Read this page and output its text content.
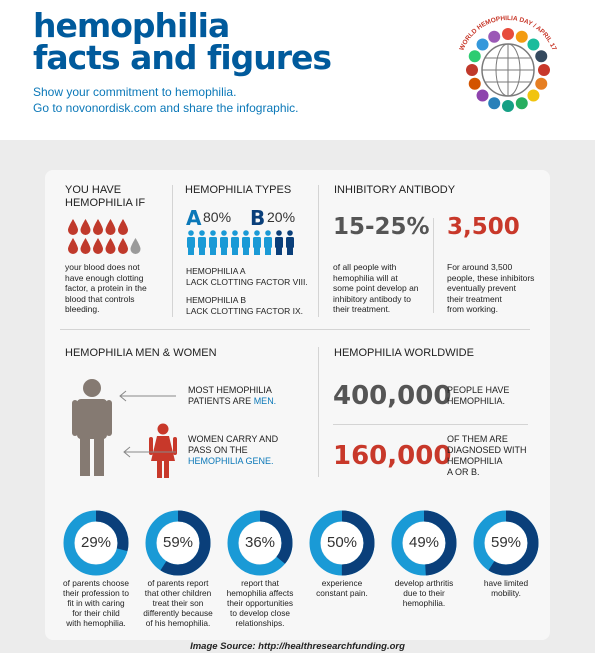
hemophilia
facts and figures
Show your commitment to hemophilia.
Go to novonordisk.com and share the infographic.
WORLD HEMOPHILIA DAY / APRIL 17
YOU HAVE
HEMOPHILIA IF
your blood does not
have enough clotting
factor, a protein in the
blood that controls
bleeding.
HEMOPHILIA TYPES
A 80% B 20%
HEMOPHILIA A
LACK CLOTTING FACTOR VIII.
HEMOPHILIA B
LACK CLOTTING FACTOR IX.
INHIBITORY ANTIBODY
15-25%
of all people with
hemophilia will at
some point develop an
inhibitory antibody to
their treatment.
3,500
For around 3,500
people, these inhibitors
eventually prevent
their treatment
from working.
HEMOPHILIA MEN & WOMEN
MOST HEMOPHILIA
PATIENTS ARE MEN.
WOMEN CARRY AND
PASS ON THE
HEMOPHILIA GENE.
HEMOPHILIA WORLDWIDE
400,000
PEOPLE HAVE
HEMOPHILIA.
160,000
OF THEM ARE
DIAGNOSED WITH
HEMOPHILIA
A OR B.
29%
of parents choose
their profession to
fit in with caring
for their child
with hemophilia.
59%
of parents report
that other children
treat their son
differently because
of his hemophilia.
36%
report that
hemophilia affects
their opportunities
to develop close
relationships.
50%
experience
constant pain.
49%
develop arthritis
due to their
hemophilia.
59%
have limited
mobility.
Image Source: http://healthresearchfunding.org
